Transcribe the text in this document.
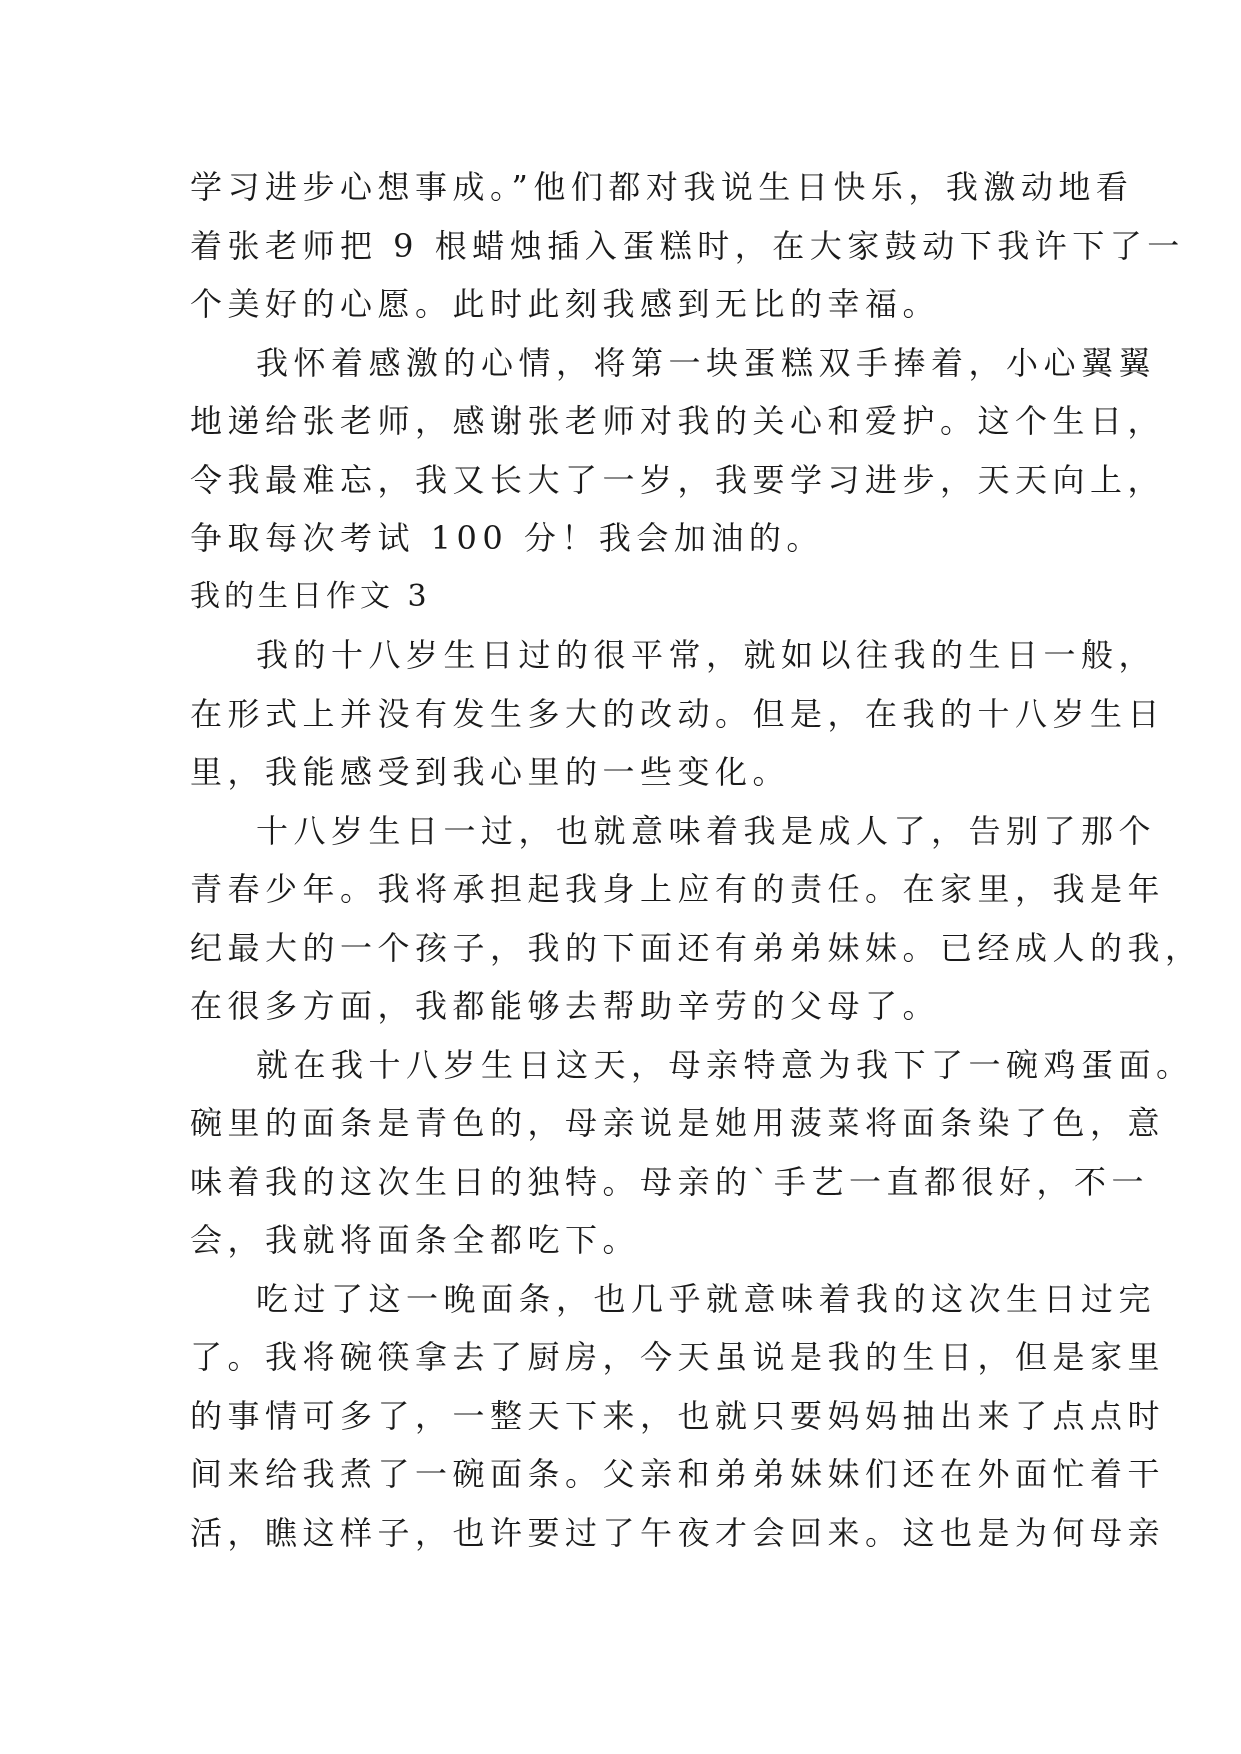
学习进步心想事成。”他们都对我说生日快乐，我激动地看
着张老师把 9 根蜡烛插入蛋糕时，在大家鼓动下我许下了一
个美好的心愿。此时此刻我感到无比的幸福。
我怀着感激的心情，将第一块蛋糕双手捧着，小心翼翼
地递给张老师，感谢张老师对我的关心和爱护。这个生日，
令我最难忘，我又长大了一岁，我要学习进步，天天向上，
争取每次考试 100 分！我会加油的。
我的生日作文 3
我的十八岁生日过的很平常，就如以往我的生日一般，
在形式上并没有发生多大的改动。但是，在我的十八岁生日
里，我能感受到我心里的一些变化。
十八岁生日一过，也就意味着我是成人了，告别了那个
青春少年。我将承担起我身上应有的责任。在家里，我是年
纪最大的一个孩子，我的下面还有弟弟妹妹。已经成人的我，
在很多方面，我都能够去帮助辛劳的父母了。
就在我十八岁生日这天，母亲特意为我下了一碗鸡蛋面。
碗里的面条是青色的，母亲说是她用菠菜将面条染了色，意
味着我的这次生日的独特。母亲的`手艺一直都很好，不一
会，我就将面条全都吃下。
吃过了这一晚面条，也几乎就意味着我的这次生日过完
了。我将碗筷拿去了厨房，今天虽说是我的生日，但是家里
的事情可多了，一整天下来，也就只要妈妈抽出来了点点时
间来给我煮了一碗面条。父亲和弟弟妹妹们还在外面忙着干
活，瞧这样子，也许要过了午夜才会回来。这也是为何母亲
